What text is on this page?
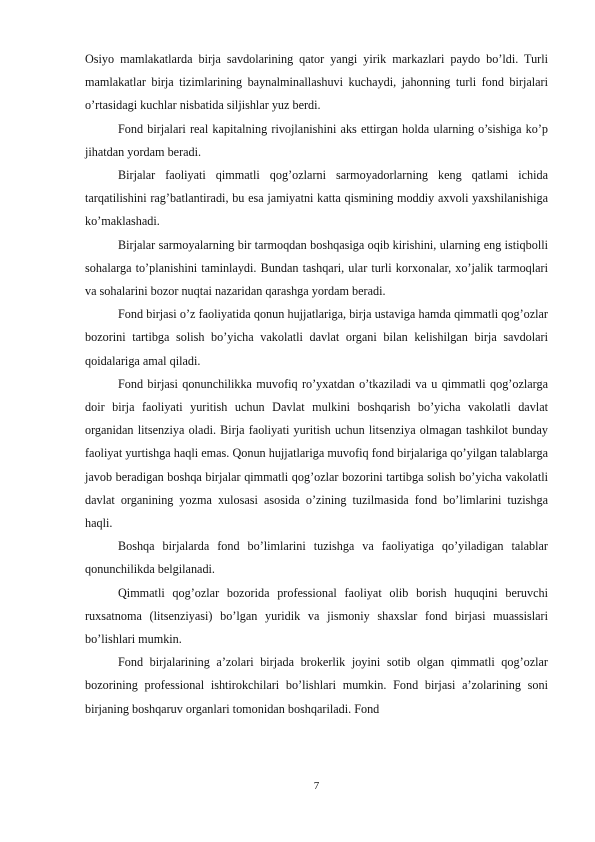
Osiyo mamlakatlarda birja savdolarining qator yangi yirik markazlari paydo bo’ldi. Turli mamlakatlar birja tizimlarining baynalminallashuvi kuchaydi, jahonning turli fond birjalari o’rtasidagi kuchlar nisbatida siljishlar yuz berdi.

Fond birjalari real kapitalning rivojlanishini aks ettirgan holda ularning o’sishiga ko’p jihatdan yordam beradi.

Birjalar faoliyati qimmatli qog’ozlarni sarmoyadorlarning keng qatlami ichida tarqatilishini rag’batlantiradi, bu esa jamiyatni katta qismining moddiy axvoli yaxshilanishiga ko’maklashadi.

Birjalar sarmoyalarning bir tarmoqdan boshqasiga oqib kirishini, ularning eng istiqbolli sohalarga to’planishini taminlaydi. Bundan tashqari, ular turli korxonalar, xo’jalik tarmoqlari va sohalarini bozor nuqtai nazaridan qarashga yordam beradi.

Fond birjasi o’z faoliyatida qonun hujjatlariga, birja ustaviga hamda qimmatli qog’ozlar bozorini tartibga solish bo’yicha vakolatli davlat organi bilan kelishilgan birja savdolari qoidalariga amal qiladi.

Fond birjasi qonunchilikka muvofiq ro’yxatdan o’tkaziladi va u qimmatli qog’ozlarga doir birja faoliyati yuritish uchun Davlat mulkini boshqarish bo’yicha vakolatli davlat organidan litsenziya oladi. Birja faoliyati yuritish uchun litsenziya olmagan tashkilot bunday faoliyat yurtishga haqli emas. Qonun hujjatlariga muvofiq fond birjalariga qo’yilgan talablarga javob beradigan boshqa birjalar qimmatli qog’ozlar bozorini tartibga solish bo’yicha vakolatli davlat organining yozma xulosasi asosida o’zining tuzilmasida fond bo’limlarini tuzishga haqli.

Boshqa birjalarda fond bo’limlarini tuzishga va faoliyatiga qo’yiladigan talablar qonunchilikda belgilanadi.

Qimmatli qog’ozlar bozorida professional faoliyat olib borish huquqini beruvchi ruxsatnoma (litsenziyasi) bo’lgan yuridik va jismoniy shaxslar fond birjasi muassislari bo’lishlari mumkin.

Fond birjalarining a’zolari birjada brokerlik joyini sotib olgan qimmatli qog’ozlar bozorining professional ishtirokchilari bo’lishlari mumkin. Fond birjasi a’zolarining soni birjaning boshqaruv organlari tomonidan boshqariladi. Fond

7
